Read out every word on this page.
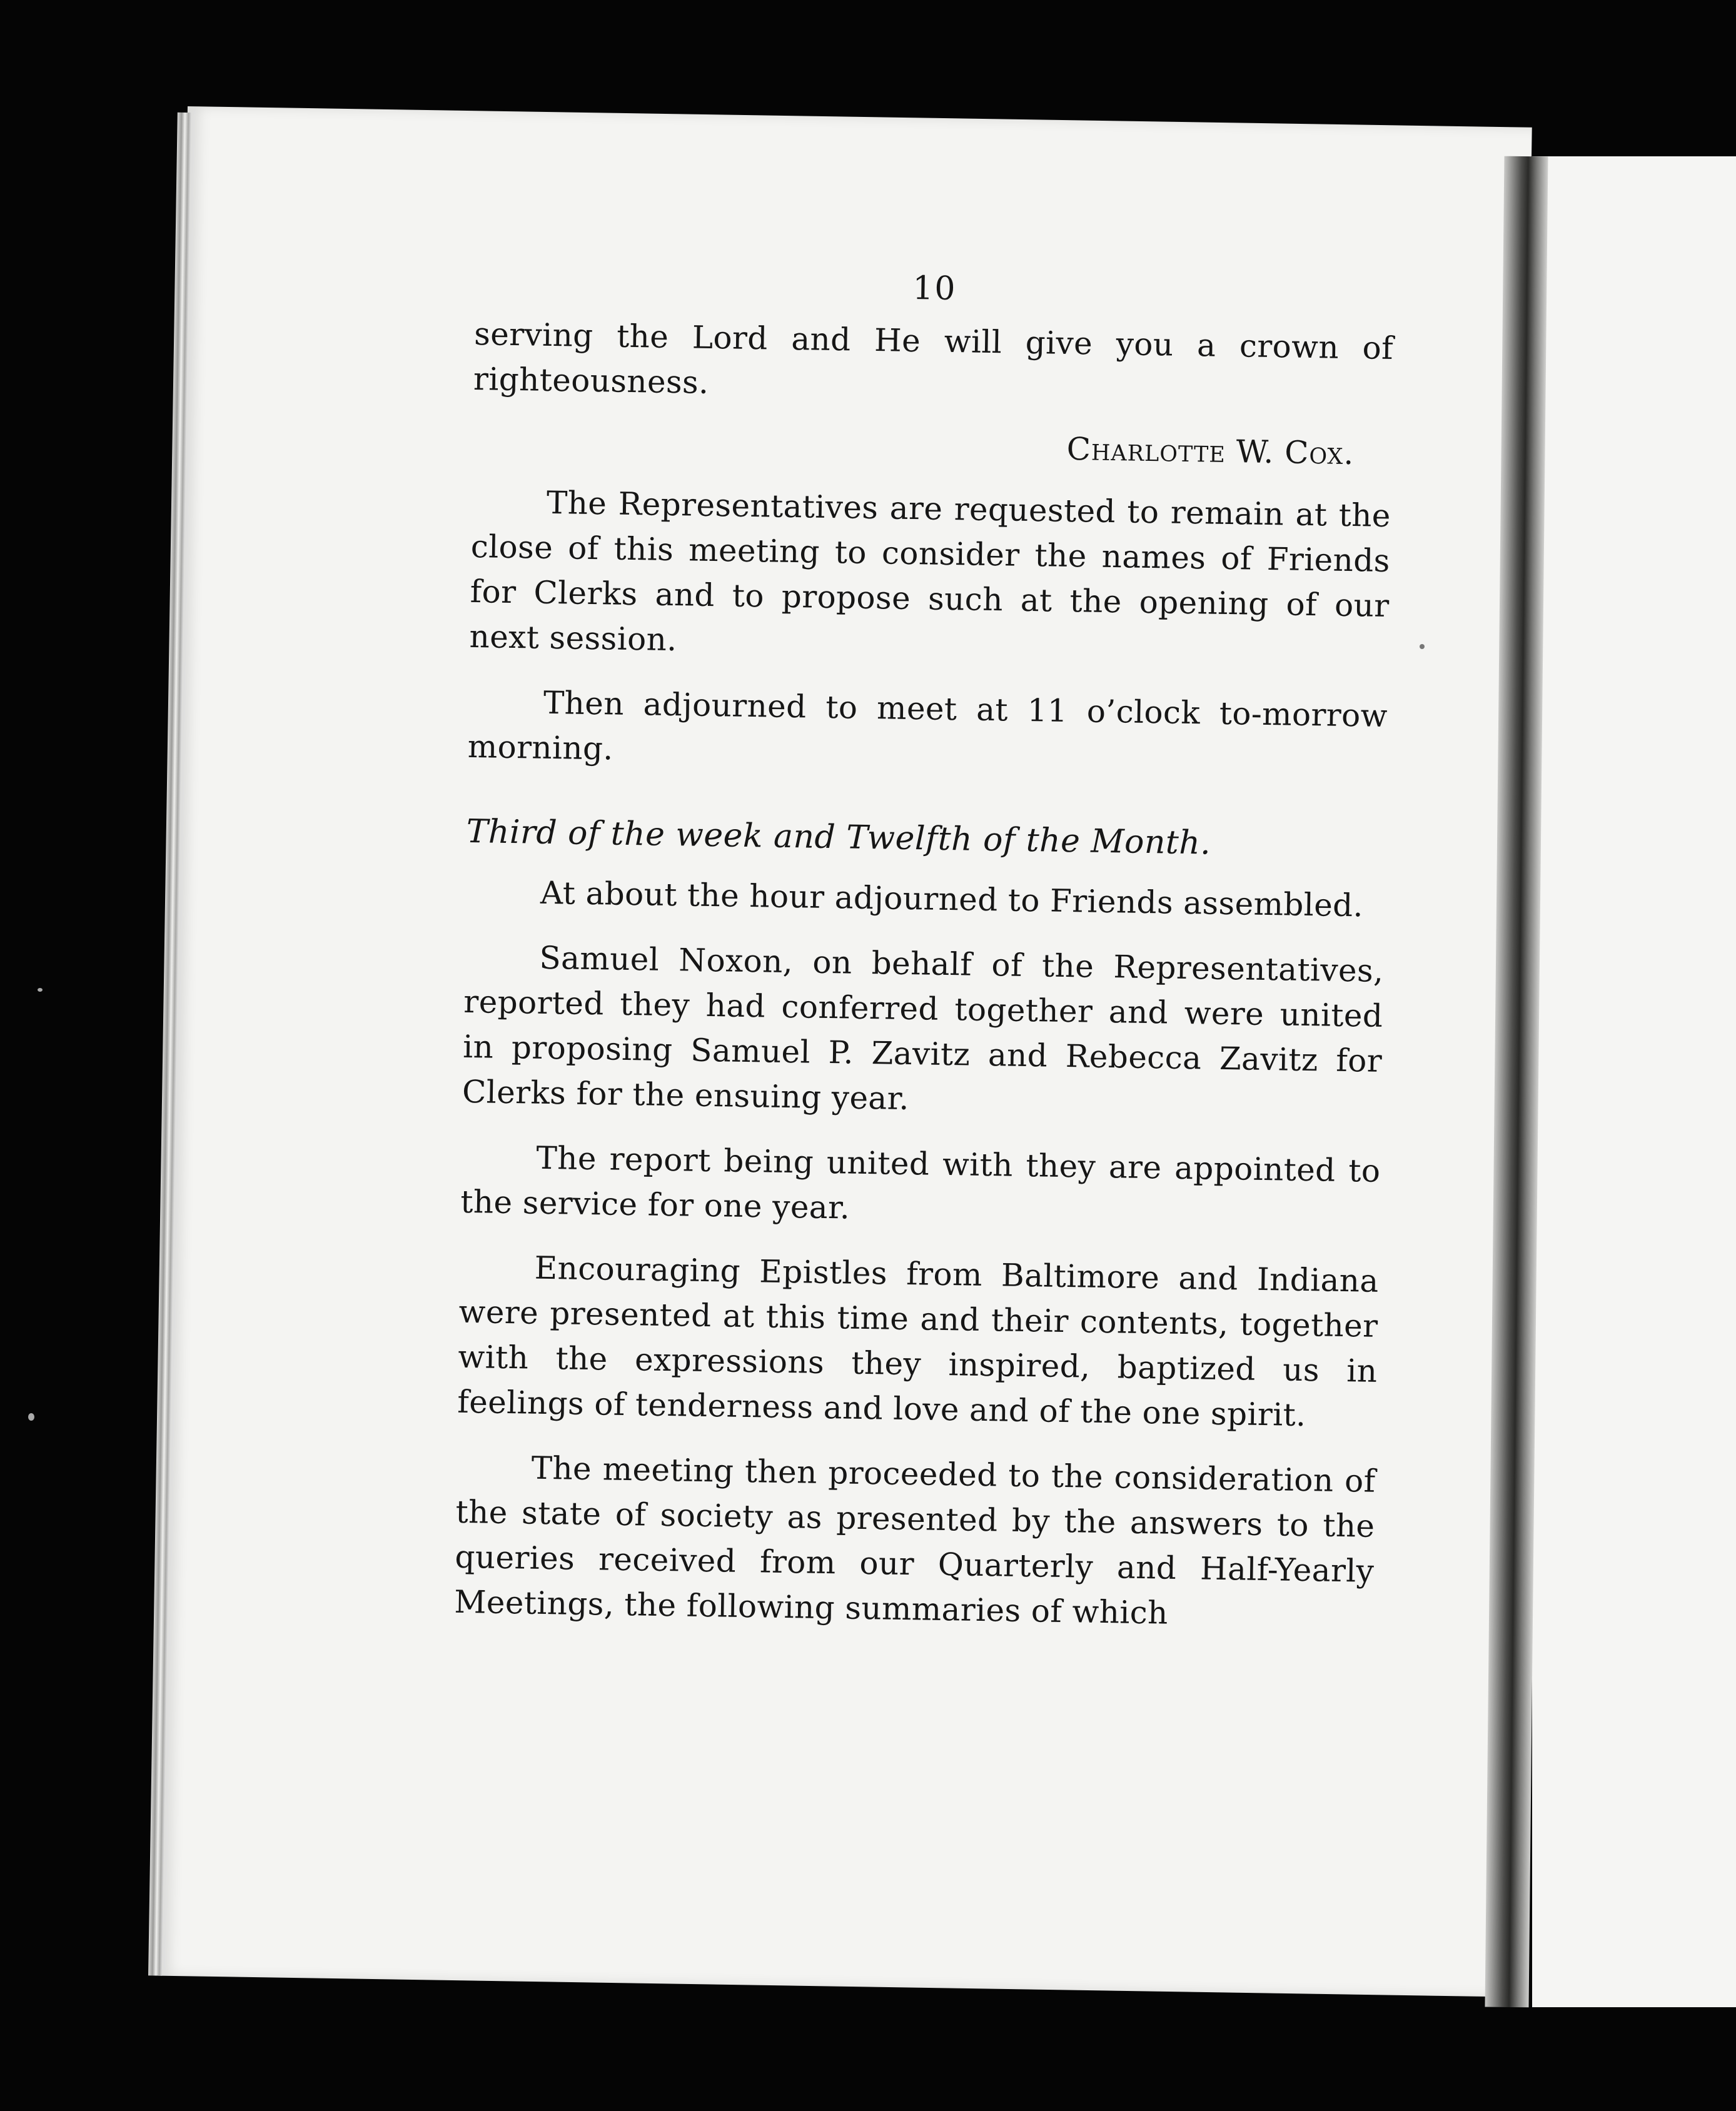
10

serving the Lord and He will give you a crown of righteousness.

Charlotte W. Cox.

The Representatives are requested to remain at the close of this meeting to consider the names of Friends for Clerks and to propose such at the opening of our next session.

Then adjourned to meet at 11 o’clock to-morrow morning.

Third of the week and Twelfth of the Month.

At about the hour adjourned to Friends assembled.

Samuel Noxon, on behalf of the Representatives, reported they had conferred together and were united in proposing Samuel P. Zavitz and Rebecca Zavitz for Clerks for the ensuing year.

The report being united with they are appointed to the service for one year.

Encouraging Epistles from Baltimore and Indiana were presented at this time and their contents, together with the expressions they inspired, baptized us in feelings of tenderness and love and of the one spirit.

The meeting then proceeded to the consideration of the state of society as presented by the answers to the queries received from our Quarterly and Half-Yearly Meetings, the following summaries of which
